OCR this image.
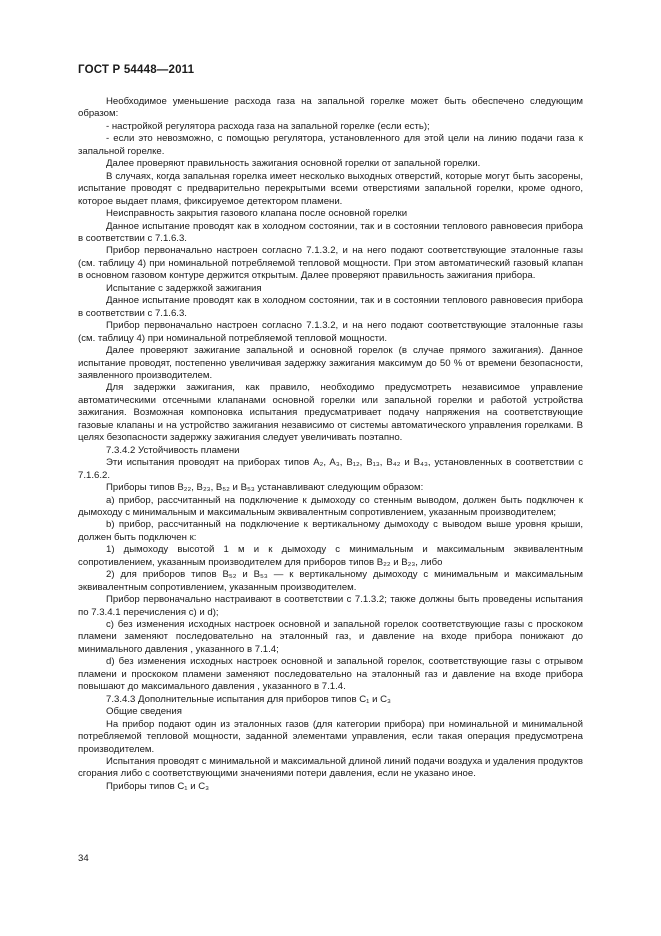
ГОСТ Р 54448—2011

Необходимое уменьшение расхода газа на запальной горелке может быть обеспечено следующим образом:

- настройкой регулятора расхода газа на запальной горелке (если есть);

- если это невозможно, с помощью регулятора, установленного для этой цели на линию подачи газа к запальной горелке.

Далее проверяют правильность зажигания основной горелки от запальной горелки.

В случаях, когда запальная горелка имеет несколько выходных отверстий, которые могут быть засорены, испытание проводят с предварительно перекрытыми всеми отверстиями запальной горелки, кроме одного, которое выдает пламя, фиксируемое детектором пламени.

Неисправность закрытия газового клапана после основной горелки

Данное испытание проводят как в холодном состоянии, так и в состоянии теплового равновесия прибора в соответствии с 7.1.6.3.

Прибор первоначально настроен согласно 7.1.3.2, и на него подают соответствующие эталонные газы (см. таблицу 4) при номинальной потребляемой тепловой мощности. При этом автоматический газовый клапан в основном газовом контуре держится открытым. Далее проверяют правильность зажигания прибора.

Испытание с задержкой зажигания

Данное испытание проводят как в холодном состоянии, так и в состоянии теплового равновесия прибора в соответствии с 7.1.6.3.

Прибор первоначально настроен согласно 7.1.3.2, и на него подают соответствующие эталонные газы (см. таблицу 4) при номинальной потребляемой тепловой мощности.

Далее проверяют зажигание запальной и основной горелок (в случае прямого зажигания). Данное испытание проводят, постепенно увеличивая задержку зажигания максимум до 50 % от времени безопасности, заявленного производителем.

Для задержки зажигания, как правило, необходимо предусмотреть независимое управление автоматическими отсечными клапанами основной горелки или запальной горелки и работой устройства зажигания. Возможная компоновка испытания предусматривает подачу напряжения на соответствующие газовые клапаны и на устройство зажигания независимо от системы автоматического управления горелками. В целях безопасности задержку зажигания следует увеличивать поэтапно.

7.3.4.2 Устойчивость пламени

Эти испытания проводят на приборах типов A₂, A₃, B₁₂, B₁₃, B₄₂ и B₄₃, установленных в соответствии с 7.1.6.2.

Приборы типов B₂₂, B₂₃, B₅₂ и B₅₃ устанавливают следующим образом:

a) прибор, рассчитанный на подключение к дымоходу со стенным выводом, должен быть подключен к дымоходу с минимальным и максимальным эквивалентным сопротивлением, указанным производителем;

b) прибор, рассчитанный на подключение к вертикальному дымоходу с выводом выше уровня крыши, должен быть подключен к:

1) дымоходу высотой 1 м и к дымоходу с минимальным и максимальным эквивалентным сопротивлением, указанным производителем для приборов типов B₂₂ и B₂₃, либо

2) для приборов типов B₅₂ и B₅₃ — к вертикальному дымоходу с минимальным и максимальным эквивалентным сопротивлением, указанным производителем.

Прибор первоначально настраивают в соответствии с 7.1.3.2; также должны быть проведены испытания по 7.3.4.1 перечисления c) и d);

c) без изменения исходных настроек основной и запальной горелок соответствующие газы с проскоком пламени заменяют последовательно на эталонный газ, и давление на входе прибора понижают до минимального давления , указанного в 7.1.4;

d) без изменения исходных настроек основной и запальной горелок, соответствующие газы с отрывом пламени и проскоком пламени заменяют последовательно на эталонный газ и давление на входе прибора повышают до максимального давления , указанного в 7.1.4.

7.3.4.3 Дополнительные испытания для приборов типов C₁ и C₃

Общие сведения

На прибор подают один из эталонных газов (для категории прибора) при номинальной и минимальной потребляемой тепловой мощности, заданной элементами управления, если такая операция предусмотрена производителем.

Испытания проводят с минимальной и максимальной длиной линий подачи воздуха и удаления продуктов сгорания либо с соответствующими значениями потери давления, если не указано иное.

Приборы типов C₁ и C₃

34
